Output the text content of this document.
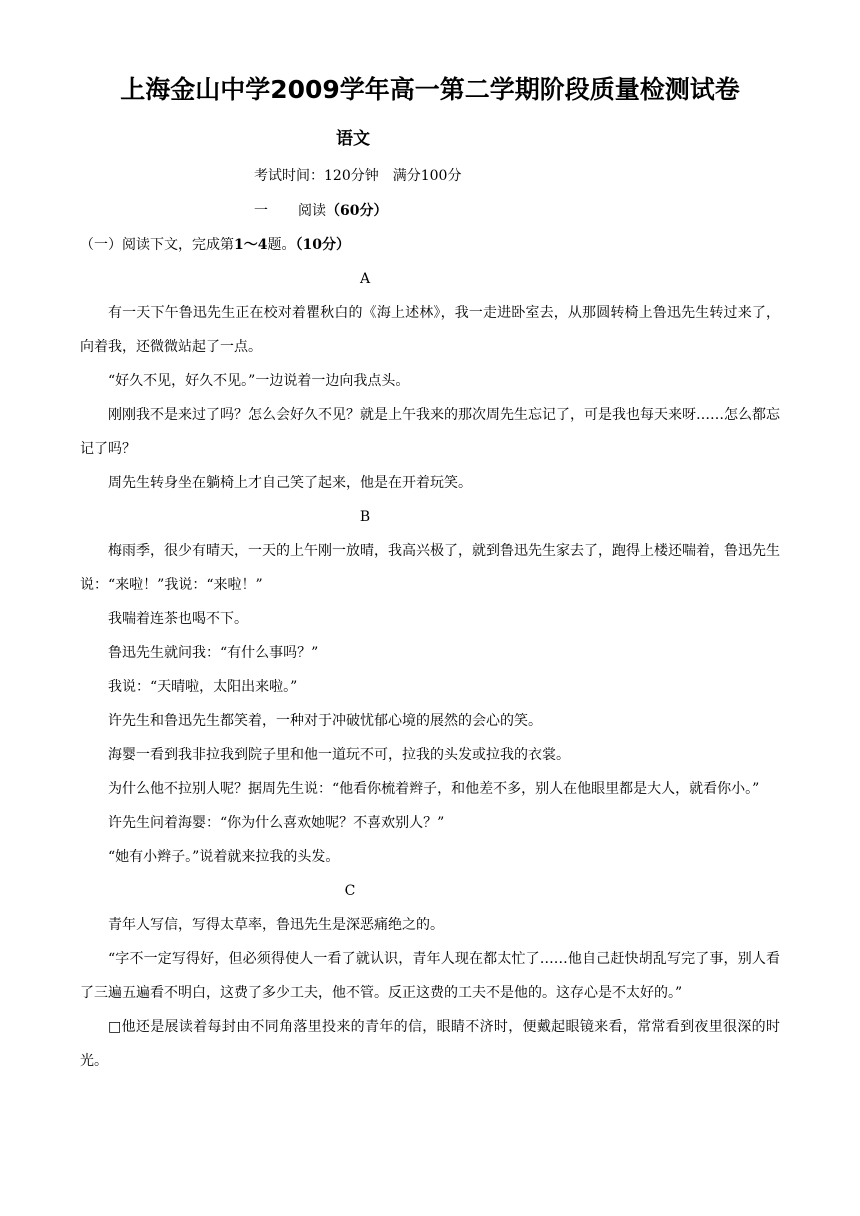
上海金山中学2009学年高一第二学期阶段质量检测试卷
语文
考试时间：120分钟 满分100分
一 阅读（60分）
（一）阅读下文，完成第1～4题。（10分）

A

有一天下午鲁迅先生正在校对着瞿秋白的《海上述林》，我一走进卧室去，从那圆转椅上鲁迅先生转过来了，向着我，还微微站起了一点。

“好久不见，好久不见。”一边说着一边向我点头。

刚刚我不是来过了吗？怎么会好久不见？就是上午我来的那次周先生忘记了，可是我也每天来呀……怎么都忘记了吗？

周先生转身坐在躺椅上才自己笑了起来，他是在开着玩笑。

B

梅雨季，很少有晴天，一天的上午刚一放晴，我高兴极了，就到鲁迅先生家去了，跑得上楼还喘着，鲁迅先生说：“来啦！”我说：“来啦！”

我喘着连茶也喝不下。

鲁迅先生就问我：“有什么事吗？”

我说：“天晴啦，太阳出来啦。”

许先生和鲁迅先生都笑着，一种对于冲破忧郁心境的展然的会心的笑。

海婴一看到我非拉我到院子里和他一道玩不可，拉我的头发或拉我的衣裳。

为什么他不拉别人呢？据周先生说：“他看你梳着辫子，和他差不多，别人在他眼里都是大人，就看你小。”

许先生问着海婴：“你为什么喜欢她呢？不喜欢别人？”

“她有小辫子。”说着就来拉我的头发。

C

青年人写信，写得太草率，鲁迅先生是深恶痛绝之的。

“字不一定写得好，但必须得使人一看了就认识，青年人现在都太忙了……他自己赶快胡乱写完了事，别人看了三遍五遍看不明白，这费了多少工夫，他不管。反正这费的工夫不是他的。这存心是不太好的。”

□他还是展读着每封由不同角落里投来的青年的信，眼睛不济时，便戴起眼镜来看，常常看到夜里很深的时光。
